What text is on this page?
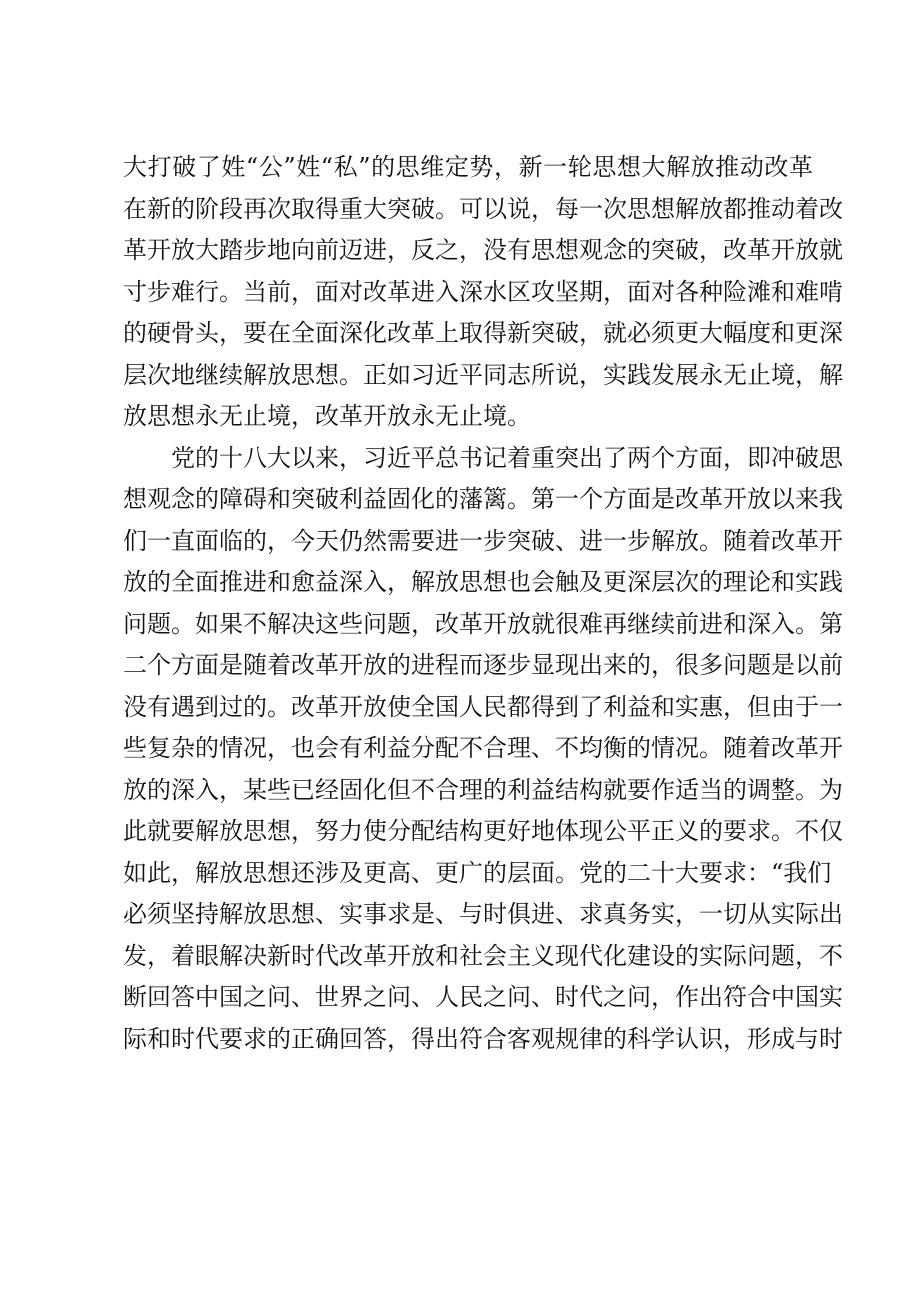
大打破了姓“公”姓“私”的思维定势，新一轮思想大解放推动改革
在新的阶段再次取得重大突破。可以说，每一次思想解放都推动着改
革开放大踏步地向前迈进，反之，没有思想观念的突破，改革开放就
寸步难行。当前，面对改革进入深水区攻坚期，面对各种险滩和难啃
的硬骨头，要在全面深化改革上取得新突破，就必须更大幅度和更深
层次地继续解放思想。正如习近平同志所说，实践发展永无止境，解
放思想永无止境，改革开放永无止境。
党的十八大以来，习近平总书记着重突出了两个方面，即冲破思
想观念的障碍和突破利益固化的藩篱。第一个方面是改革开放以来我
们一直面临的，今天仍然需要进一步突破、进一步解放。随着改革开
放的全面推进和愈益深入，解放思想也会触及更深层次的理论和实践
问题。如果不解决这些问题，改革开放就很难再继续前进和深入。第
二个方面是随着改革开放的进程而逐步显现出来的，很多问题是以前
没有遇到过的。改革开放使全国人民都得到了利益和实惠，但由于一
些复杂的情况，也会有利益分配不合理、不均衡的情况。随着改革开
放的深入，某些已经固化但不合理的利益结构就要作适当的调整。为
此就要解放思想，努力使分配结构更好地体现公平正义的要求。不仅
如此，解放思想还涉及更高、更广的层面。党的二十大要求：“我们
必须坚持解放思想、实事求是、与时俱进、求真务实，一切从实际出
发，着眼解决新时代改革开放和社会主义现代化建设的实际问题，不
断回答中国之问、世界之问、人民之问、时代之问，作出符合中国实
际和时代要求的正确回答，得出符合客观规律的科学认识，形成与时
